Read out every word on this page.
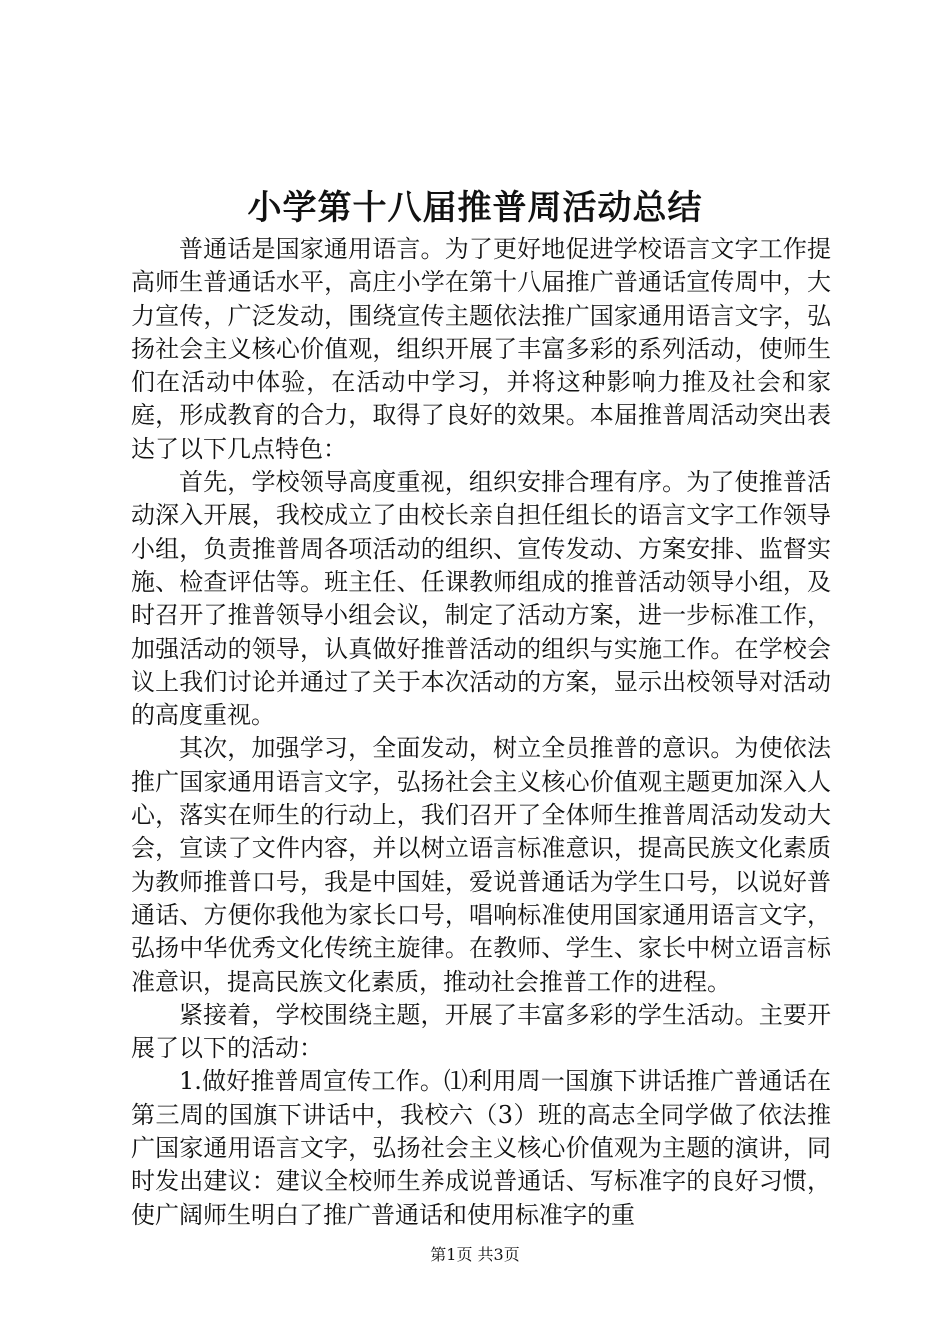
小学第十八届推普周活动总结

普通话是国家通用语言。为了更好地促进学校语言文字工作提高师生普通话水平，高庄小学在第十八届推广普通话宣传周中，大力宣传，广泛发动，围绕宣传主题依法推广国家通用语言文字，弘扬社会主义核心价值观，组织开展了丰富多彩的系列活动，使师生们在活动中体验，在活动中学习，并将这种影响力推及社会和家庭，形成教育的合力，取得了良好的效果。本届推普周活动突出表达了以下几点特色：

首先，学校领导高度重视，组织安排合理有序。为了使推普活动深入开展，我校成立了由校长亲自担任组长的语言文字工作领导小组，负责推普周各项活动的组织、宣传发动、方案安排、监督实施、检查评估等。班主任、任课教师组成的推普活动领导小组，及时召开了推普领导小组会议，制定了活动方案，进一步标准工作，加强活动的领导，认真做好推普活动的组织与实施工作。在学校会议上我们讨论并通过了关于本次活动的方案，显示出校领导对活动的高度重视。

其次，加强学习，全面发动，树立全员推普的意识。为使依法推广国家通用语言文字，弘扬社会主义核心价值观主题更加深入人心，落实在师生的行动上，我们召开了全体师生推普周活动发动大会，宣读了文件内容，并以树立语言标准意识，提高民族文化素质为教师推普口号，我是中国娃，爱说普通话为学生口号，以说好普通话、方便你我他为家长口号，唱响标准使用国家通用语言文字，弘扬中华优秀文化传统主旋律。在教师、学生、家长中树立语言标准意识，提高民族文化素质，推动社会推普工作的进程。

紧接着，学校围绕主题，开展了丰富多彩的学生活动。主要开展了以下的活动：

1.做好推普周宣传工作。⑴利用周一国旗下讲话推广普通话在第三周的国旗下讲话中，我校六（3）班的高志全同学做了依法推广国家通用语言文字，弘扬社会主义核心价值观为主题的演讲，同时发出建议：建议全校师生养成说普通话、写标准字的良好习惯，使广阔师生明白了推广普通话和使用标准字的重

第1页 共3页
